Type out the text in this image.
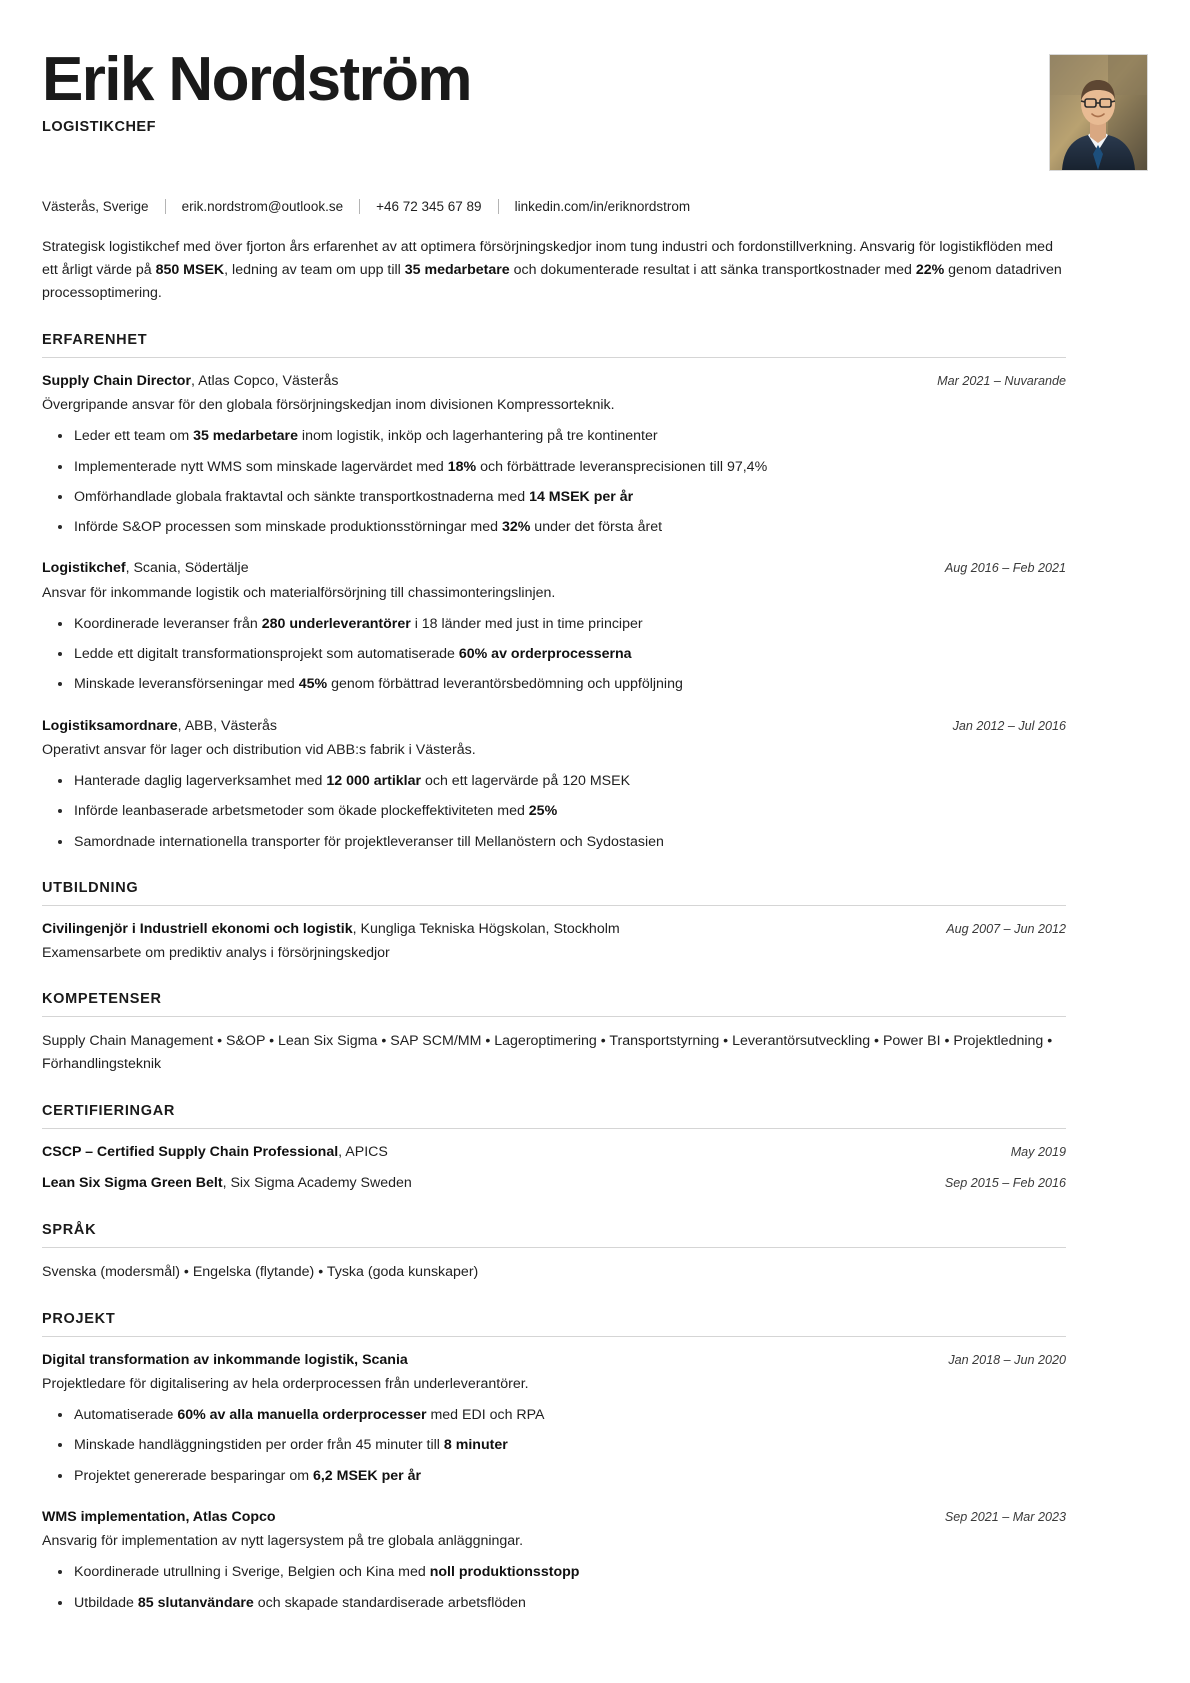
Erik Nordström
LOGISTIKCHEF
Västerås, Sverige erik.nordstrom@outlook.se +46 72 345 67 89 linkedin.com/in/eriknordstrom

Strategisk logistikchef med över fjorton års erfarenhet av att optimera försörjningskedjor inom tung industri och fordonstillverkning. Ansvarig för logistikflöden med ett årligt värde på 850 MSEK, ledning av team om upp till 35 medarbetare och dokumenterade resultat i att sänka transportkostnader med 22% genom datadriven processoptimering.

ERFARENHET
Supply Chain Director, Atlas Copco, Västerås	Mar 2021 – Nuvarande
Övergripande ansvar för den globala försörjningskedjan inom divisionen Kompressorteknik.
Leder ett team om 35 medarbetare inom logistik, inköp och lagerhantering på tre kontinenter
Implementerade nytt WMS som minskade lagervärdet med 18% och förbättrade leveransprecisionen till 97,4%
Omförhandlade globala fraktavtal och sänkte transportkostnaderna med 14 MSEK per år
Införde S&OP processen som minskade produktionsstörningar med 32% under det första året
Logistikchef, Scania, Södertälje	Aug 2016 – Feb 2021
Ansvar för inkommande logistik och materialförsörjning till chassimonteringslinjen.
Koordinerade leveranser från 280 underleverantörer i 18 länder med just in time principer
Ledde ett digitalt transformationsprojekt som automatiserade 60% av orderprocesserna
Minskade leveransförseningar med 45% genom förbättrad leverantörsbedömning och uppföljning
Logistiksamordnare, ABB, Västerås	Jan 2012 – Jul 2016
Operativt ansvar för lager och distribution vid ABB:s fabrik i Västerås.
Hanterade daglig lagerverksamhet med 12 000 artiklar och ett lagervärde på 120 MSEK
Införde leanbaserade arbetsmetoder som ökade plockeffektiviteten med 25%
Samordnade internationella transporter för projektleveranser till Mellanöstern och Sydostasien
UTBILDNING
Civilingenjör i Industriell ekonomi och logistik, Kungliga Tekniska Högskolan, Stockholm	Aug 2007 – Jun 2012
Examensarbete om prediktiv analys i försörjningskedjor
KOMPETENSER
Supply Chain Management • S&OP • Lean Six Sigma • SAP SCM/MM • Lageroptimering • Transportstyrning • Leverantörsutveckling • Power BI • Projektledning • Förhandlingsteknik
CERTIFIERINGAR
CSCP – Certified Supply Chain Professional, APICS	May 2019
Lean Six Sigma Green Belt, Six Sigma Academy Sweden	Sep 2015 – Feb 2016
SPRÅK
Svenska (modersmål) • Engelska (flytande) • Tyska (goda kunskaper)
PROJEKT
Digital transformation av inkommande logistik, Scania	Jan 2018 – Jun 2020
Projektledare för digitalisering av hela orderprocessen från underleverantörer.
Automatiserade 60% av alla manuella orderprocesser med EDI och RPA
Minskade handläggningstiden per order från 45 minuter till 8 minuter
Projektet genererade besparingar om 6,2 MSEK per år
WMS implementation, Atlas Copco	Sep 2021 – Mar 2023
Ansvarig för implementation av nytt lagersystem på tre globala anläggningar.
Koordinerade utrullning i Sverige, Belgien och Kina med noll produktionsstopp
Utbildade 85 slutanvändare och skapade standardiserade arbetsflöden
